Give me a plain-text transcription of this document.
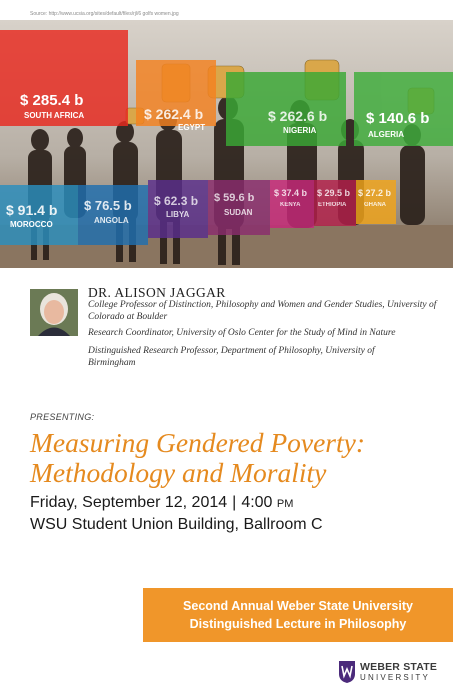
Source: http://www.ucsia.org/sites/default/files/rjl/6 golfs women.jpg
$ 285.4 b
SOUTH AFRICA	$ 262.4 b
EGYPT
$ 262.6 b
NIGERIA
$ 140.6 b
ALGERIA
$ 91.4 b
MOROCCO
$ 76.5 b
ANGOLA
$ 62.3 b
LIBYA
$ 59.6 b
SUDAN
$ 37.4 b
KENYA
$ 29.5 b
ETHIOPIA
$ 27.2 b
GHANA
DR. ALISON JAGGAR
College Professor of Distinction, Philosophy and Women and Gender Studies, University of Colorado at Boulder
Research Coordinator, University of Oslo Center for the Study of Mind in Nature
Distinguished Research Professor, Department of Philosophy, University of Birmingham
PRESENTING:
Measuring Gendered Poverty:
Methodology and Morality
Friday, September 12, 2014 | 4:00 PM
WSU Student Union Building, Ballroom C
Second Annual Weber State University
Distinguished Lecture in Philosophy
WEBER STATE
UNIVERSITY
